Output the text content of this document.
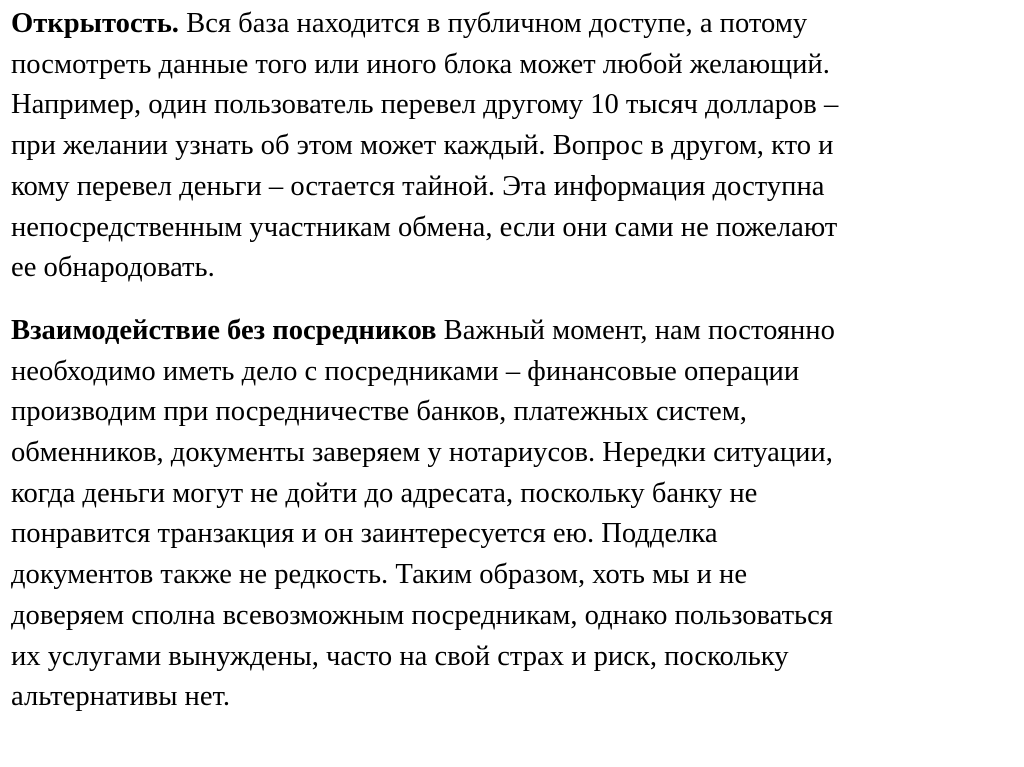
Открытость. Вся база находится в публичном доступе, а потому
посмотреть данные того или иного блока может любой желающий.
Например, один пользователь перевел другому 10 тысяч долларов –
при желании узнать об этом может каждый. Вопрос в другом, кто и
кому перевел деньги – остается тайной. Эта информация доступна
непосредственным участникам обмена, если они сами не пожелают
ее обнародовать.

Взаимодействие без посредников Важный момент, нам постоянно
необходимо иметь дело с посредниками – финансовые операции
производим при посредничестве банков, платежных систем,
обменников, документы заверяем у нотариусов. Нередки ситуации,
когда деньги могут не дойти до адресата, поскольку банку не
понравится транзакция и он заинтересуется ею. Подделка
документов также не редкость. Таким образом, хоть мы и не
доверяем сполна всевозможным посредникам, однако пользоваться
их услугами вынуждены, часто на свой страх и риск, поскольку
альтернативы нет.
